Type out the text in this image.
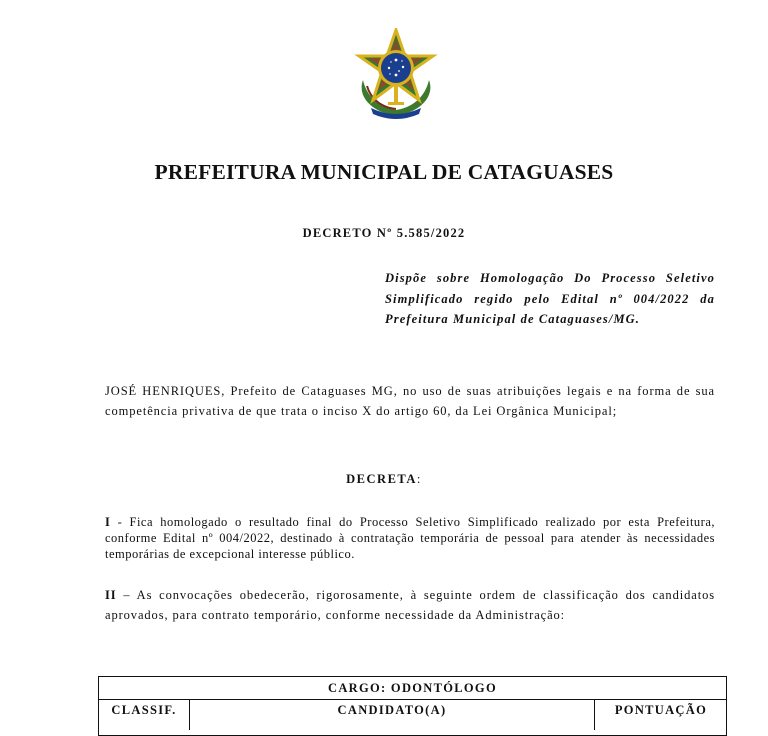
PREFEITURA MUNICIPAL DE CATAGUASES
DECRETO Nº 5.585/2022
Dispõe sobre Homologação Do Processo Seletivo Simplificado regido pelo Edital nº 004/2022 da Prefeitura Municipal de Cataguases/MG.
JOSÉ HENRIQUES, Prefeito de Cataguases MG, no uso de suas atribuições legais e na forma de sua competência privativa de que trata o inciso X do artigo 60, da Lei Orgânica Municipal;
DECRETA:
I - Fica homologado o resultado final do Processo Seletivo Simplificado realizado por esta Prefeitura, conforme Edital nº 004/2022, destinado à contratação temporária de pessoal para atender às necessidades temporárias de excepcional interesse público.
II – As convocações obedecerão, rigorosamente, à seguinte ordem de classificação dos candidatos aprovados, para contrato temporário, conforme necessidade da Administração:
CARGO: ODONTÓLOGO
CLASSIF.	CANDIDATO(A)	PONTUAÇÃO
